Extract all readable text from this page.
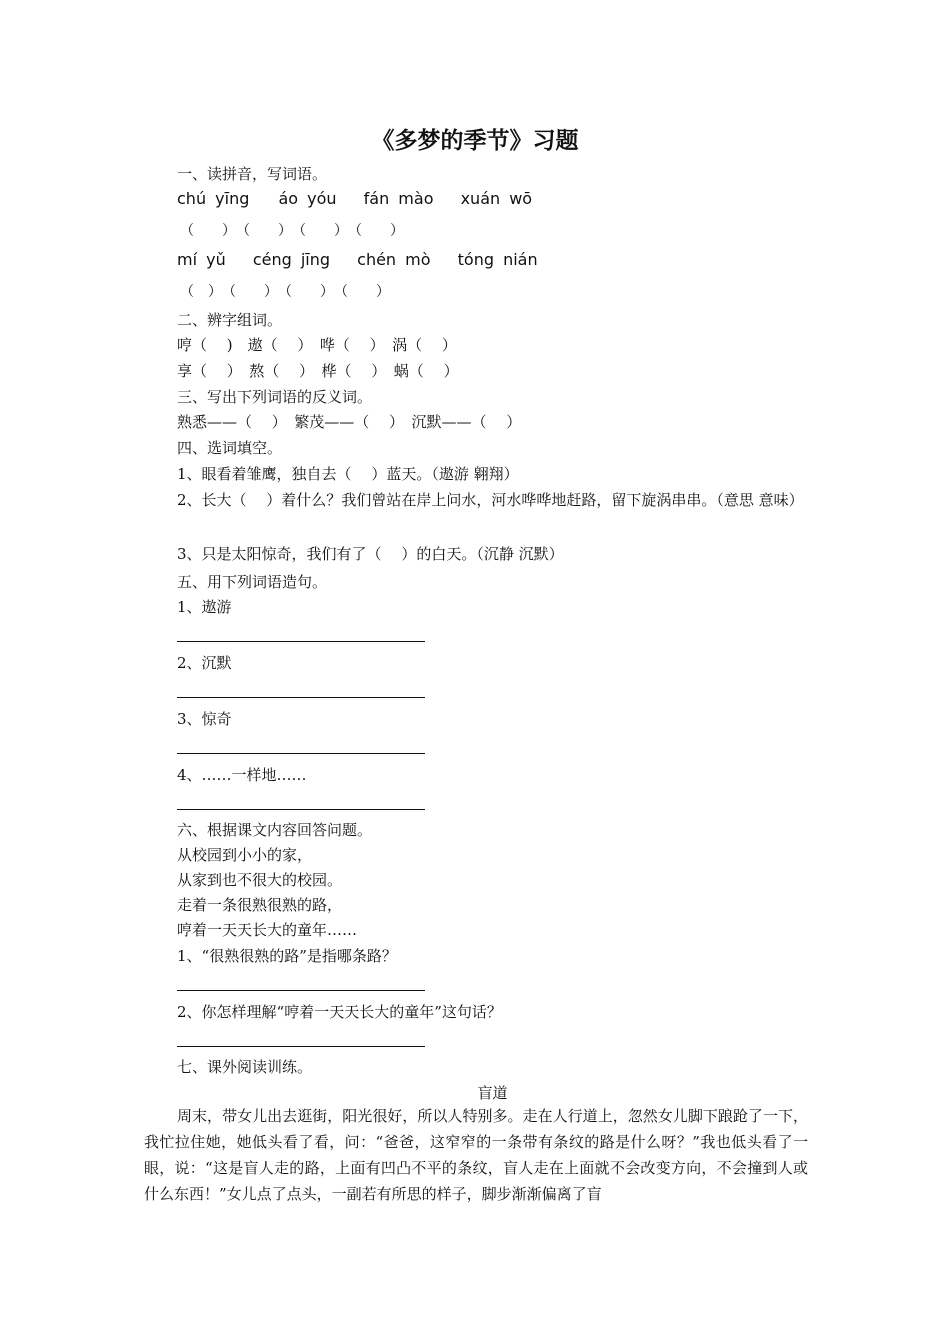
《多梦的季节》习题
一、读拼音，写词语。
chú yīng áo yóu fán mào xuán wō
（　　）　（　　）　（　　）　（　　）
mí yǔ céng jīng chén mò tóng nián
（　）　（　　）　（　　）　（　　）
二、辨字组词。
哼（　 )　遨（　 ）　哗（　 ）　涡（　 ）
享（　 ）　熬（　 ）　桦（　 ）　蜗（　 ）
三、写出下列词语的反义词。
熟悉——（　 ）　繁茂——（　 ）　沉默——（　 ）
四、选词填空。
1、眼看着雏鹰，独自去（　 ）蓝天。（遨游 翱翔）
2、长大（　 ）着什么？我们曾站在岸上问水，河水哗哗地赶路，留下旋涡串串。（意思 意味）
3、只是太阳惊奇，我们有了（　 ）的白天。（沉静 沉默）
五、用下列词语造句。
1、遨游
2、沉默
3、惊奇
4、……一样地……
六、根据课文内容回答问题。
从校园到小小的家，
从家到也不很大的校园。
走着一条很熟很熟的路，
哼着一天天长大的童年……
1、“很熟很熟的路”是指哪条路？
2、你怎样理解“哼着一天天长大的童年”这句话？
七、课外阅读训练。
盲道
周末，带女儿出去逛街，阳光很好，所以人特别多。走在人行道上，忽然女儿脚下踉跄了一下，我忙拉住她，她低头看了看，问：“爸爸，这窄窄的一条带有条纹的路是什么呀？”我也低头看了一眼，说：“这是盲人走的路，上面有凹凸不平的条纹，盲人走在上面就不会改变方向，不会撞到人或什么东西！”女儿点了点头，一副若有所思的样子，脚步渐渐偏离了盲
